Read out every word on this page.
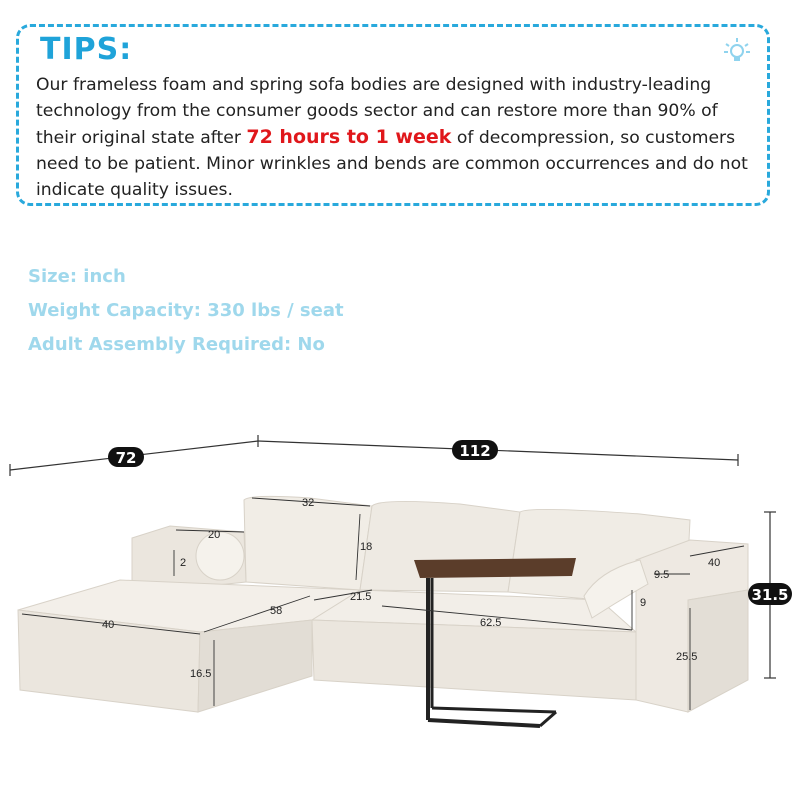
TIPS:
Our frameless foam and spring sofa bodies are designed with industry-leading technology from the consumer goods sector and can restore more than 90% of their original state after 72 hours to 1 week of decompression, so customers need to be patient. Minor wrinkles and bends are common occurrences and do not indicate quality issues.
Size: inch
Weight Capacity: 330 lbs / seat
Adult Assembly Required: No
72	112
31.5
32
20
2
18
40
58
21.5
62.5
9.5
40
9
16.5
25.5
